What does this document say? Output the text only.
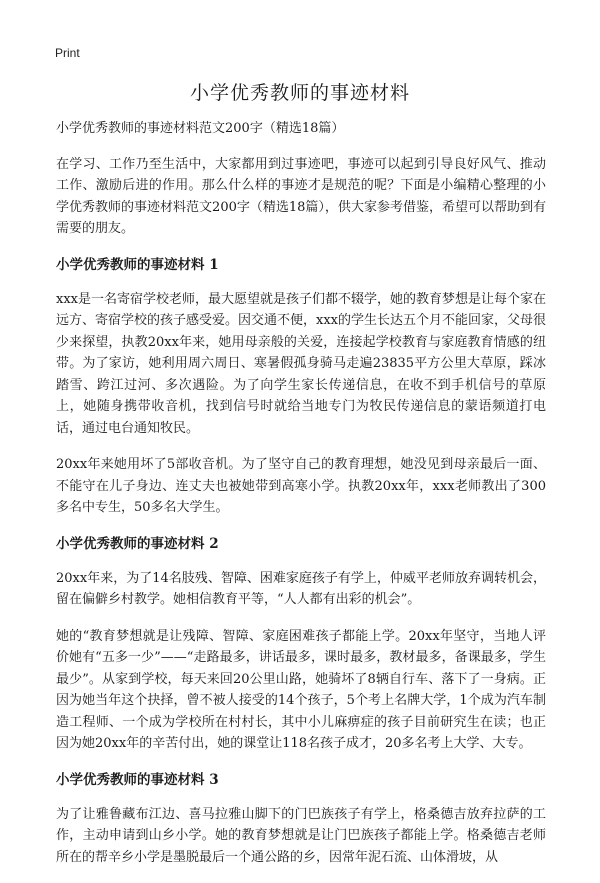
Print
小学优秀教师的事迹材料

小学优秀教师的事迹材料范文200字（精选18篇）

在学习、工作乃至生活中，大家都用到过事迹吧，事迹可以起到引导良好风气、推动工作、激励后进的作用。那么什么样的事迹才是规范的呢？下面是小编精心整理的小学优秀教师的事迹材料范文200字（精选18篇），供大家参考借鉴，希望可以帮助到有需要的朋友。

小学优秀教师的事迹材料 1

xxx是一名寄宿学校老师，最大愿望就是孩子们都不辍学，她的教育梦想是让每个家在远方、寄宿学校的孩子感受爱。因交通不便，xxx的学生长达五个月不能回家，父母很少来探望，执教20xx年来，她用母亲般的关爱，连接起学校教育与家庭教育情感的纽带。为了家访，她利用周六周日、寒暑假孤身骑马走遍23835平方公里大草原，踩冰踏雪、跨江过河、多次遇险。为了向学生家长传递信息，在收不到手机信号的草原上，她随身携带收音机，找到信号时就给当地专门为牧民传递信息的蒙语频道打电话，通过电台通知牧民。

20xx年来她用坏了5部收音机。为了坚守自己的教育理想，她没见到母亲最后一面、不能守在儿子身边、连丈夫也被她带到高寒小学。执教20xx年，xxx老师教出了300多名中专生，50多名大学生。

小学优秀教师的事迹材料 2

20xx年来，为了14名肢残、智障、困难家庭孩子有学上，仲威平老师放弃调转机会，留在偏僻乡村教学。她相信教育平等，“人人都有出彩的机会”。

她的“教育梦想就是让残障、智障、家庭困难孩子都能上学。20xx年坚守，当地人评价她有“五多一少”——“走路最多，讲话最多，课时最多，教材最多，备课最多，学生最少”。从家到学校，每天来回20公里山路，她骑坏了8辆自行车、落下了一身病。正因为她当年这个抉择，曾不被人接受的14个孩子，5个考上名牌大学，1个成为汽车制造工程师、一个成为学校所在村村长，其中小儿麻痹症的孩子目前研究生在读；也正因为她20xx年的辛苦付出，她的课堂让118名孩子成才，20多名考上大学、大专。

小学优秀教师的事迹材料 3

为了让雅鲁藏布江边、喜马拉雅山脚下的门巴族孩子有学上，格桑德吉放弃拉萨的工作，主动申请到山乡小学。她的教育梦想就是让门巴族孩子都能上学。格桑德吉老师所在的帮辛乡小学是墨脱最后一个通公路的乡，因常年泥石流、山体滑坡，从
